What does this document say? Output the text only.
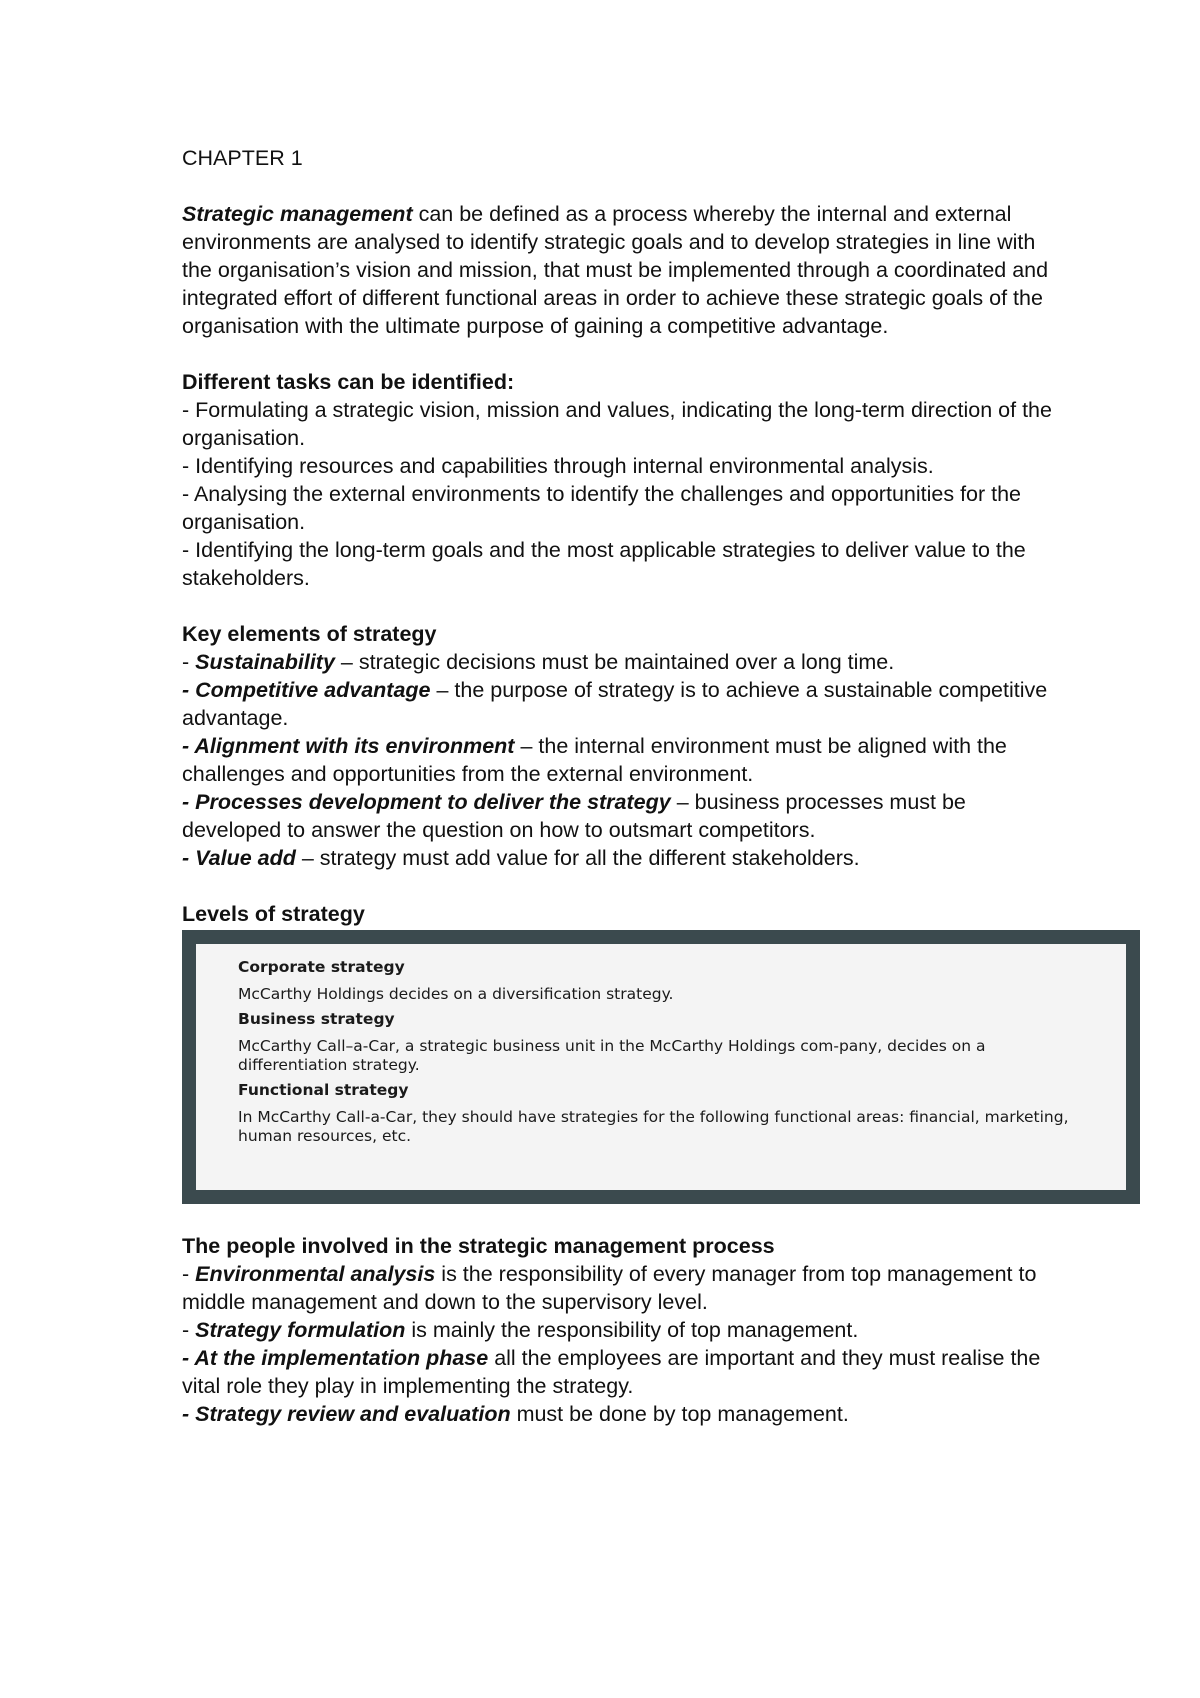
CHAPTER 1

Strategic management can be defined as a process whereby the internal and external environments are analysed to identify strategic goals and to develop strategies in line with the organisation’s vision and mission, that must be implemented through a coordinated and integrated effort of different functional areas in order to achieve these strategic goals of the organisation with the ultimate purpose of gaining a competitive advantage.

Different tasks can be identified:

- Formulating a strategic vision, mission and values, indicating the long-term direction of the organisation.

- Identifying resources and capabilities through internal environmental analysis.

- Analysing the external environments to identify the challenges and opportunities for the organisation.

- Identifying the long-term goals and the most applicable strategies to deliver value to the stakeholders.

Key elements of strategy

- Sustainability – strategic decisions must be maintained over a long time.

- Competitive advantage – the purpose of strategy is to achieve a sustainable competitive advantage.

- Alignment with its environment – the internal environment must be aligned with the challenges and opportunities from the external environment.

- Processes development to deliver the strategy – business processes must be developed to answer the question on how to outsmart competitors.

- Value add – strategy must add value for all the different stakeholders.

Levels of strategy

Corporate strategy
McCarthy Holdings decides on a diversification strategy.
Business strategy
McCarthy Call–a-Car, a strategic business unit in the McCarthy Holdings com-pany, decides on a differentiation strategy.
Functional strategy
In McCarthy Call-a-Car, they should have strategies for the following functional areas: financial, marketing, human resources, etc.

The people involved in the strategic management process

- Environmental analysis is the responsibility of every manager from top management to middle management and down to the supervisory level.

- Strategy formulation is mainly the responsibility of top management.

- At the implementation phase all the employees are important and they must realise the vital role they play in implementing the strategy.

- Strategy review and evaluation must be done by top management.
